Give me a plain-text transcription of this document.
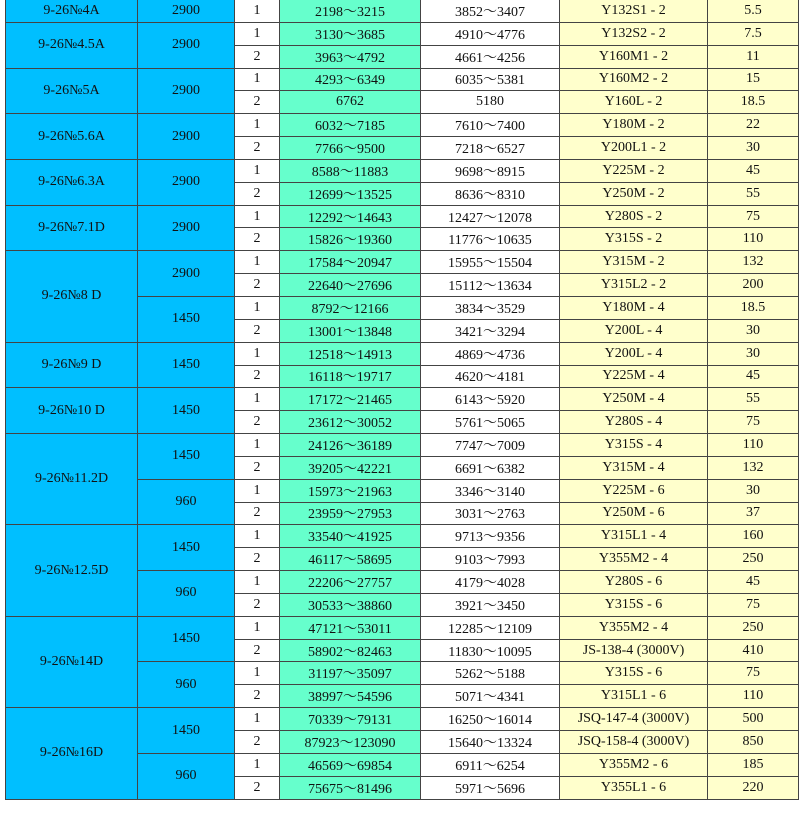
9-26№4A	2900	1	2198～3215	3852～3407	Y132S1 - 2	5.5
9-26№4.5A	2900	1	3130～3685	4910～4776	Y132S2 - 2	7.5
		2	3963～4792	4661～4256	Y160M1 - 2	11
9-26№5A	2900	1	4293～6349	6035～5381	Y160M2 - 2	15
		2	6762	5180	Y160L - 2	18.5
9-26№5.6A	2900	1	6032～7185	7610～7400	Y180M - 2	22
		2	7766～9500	7218～6527	Y200L1 - 2	30
9-26№6.3A	2900	1	8588～11883	9698～8915	Y225M - 2	45
		2	12699～13525	8636～8310	Y250M - 2	55
9-26№7.1D	2900	1	12292～14643	12427～12078	Y280S - 2	75
		2	15826～19360	11776～10635	Y315S - 2	110
9-26№8 D	2900	1	17584～20947	15955～15504	Y315M - 2	132
		2	22640～27696	15112～13634	Y315L2 - 2	200
	1450	1	8792～12166	3834～3529	Y180M - 4	18.5
		2	13001～13848	3421～3294	Y200L - 4	30
9-26№9 D	1450	1	12518～14913	4869～4736	Y200L - 4	30
		2	16118～19717	4620～4181	Y225M - 4	45
9-26№10 D	1450	1	17172～21465	6143～5920	Y250M - 4	55
		2	23612～30052	5761～5065	Y280S - 4	75
9-26№11.2D	1450	1	24126～36189	7747～7009	Y315S - 4	110
		2	39205～42221	6691～6382	Y315M - 4	132
	960	1	15973～21963	3346～3140	Y225M - 6	30
		2	23959～27953	3031～2763	Y250M - 6	37
9-26№12.5D	1450	1	33540～41925	9713～9356	Y315L1 - 4	160
		2	46117～58695	9103～7993	Y355M2 - 4	250
	960	1	22206～27757	4179～4028	Y280S - 6	45
		2	30533～38860	3921～3450	Y315S - 6	75
9-26№14D	1450	1	47121～53011	12285～12109	Y355M2 - 4	250
		2	58902～82463	11830～10095	JS-138-4 (3000V)	410
	960	1	31197～35097	5262～5188	Y315S - 6	75
		2	38997～54596	5071～4341	Y315L1 - 6	110
9-26№16D	1450	1	70339～79131	16250～16014	JSQ-147-4 (3000V)	500
		2	87923～123090	15640～13324	JSQ-158-4 (3000V)	850
	960	1	46569～69854	6911～6254	Y355M2 - 6	185
		2	75675～81496	5971～5696	Y355L1 - 6	220
